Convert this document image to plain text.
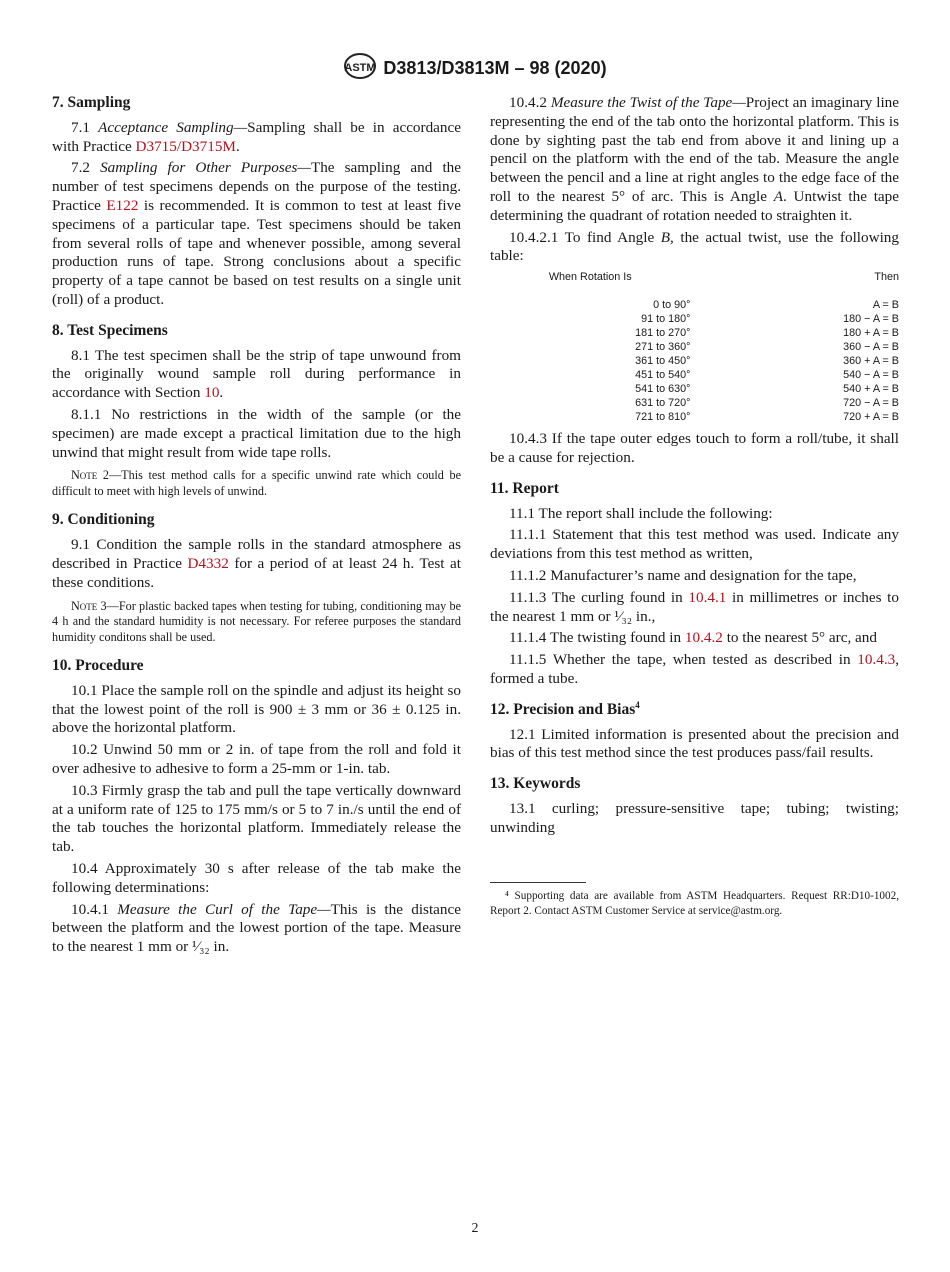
ASTM D3813/D3813M – 98 (2020)
7. Sampling
7.1 Acceptance Sampling—Sampling shall be in accordance with Practice D3715/D3715M.
7.2 Sampling for Other Purposes—The sampling and the number of test specimens depends on the purpose of the testing. Practice E122 is recommended. It is common to test at least five specimens of a particular tape. Test specimens should be taken from several rolls of tape and whenever possible, among several production runs of tape. Strong conclusions about a specific property of a tape cannot be based on test results on a single unit (roll) of a product.
8. Test Specimens
8.1 The test specimen shall be the strip of tape unwound from the originally wound sample roll during performance in accordance with Section 10.
8.1.1 No restrictions in the width of the sample (or the specimen) are made except a practical limitation due to the high unwind that might result from wide tape rolls.
Note 2—This test method calls for a specific unwind rate which could be difficult to meet with high levels of unwind.
9. Conditioning
9.1 Condition the sample rolls in the standard atmosphere as described in Practice D4332 for a period of at least 24 h. Test at these conditions.
Note 3—For plastic backed tapes when testing for tubing, conditioning may be 4 h and the standard humidity is not necessary. For referee purposes the standard humidity conditons shall be used.
10. Procedure
10.1 Place the sample roll on the spindle and adjust its height so that the lowest point of the roll is 900 ± 3 mm or 36 ± 0.125 in. above the horizontal platform.
10.2 Unwind 50 mm or 2 in. of tape from the roll and fold it over adhesive to adhesive to form a 25-mm or 1-in. tab.
10.3 Firmly grasp the tab and pull the tape vertically downward at a uniform rate of 125 to 175 mm/s or 5 to 7 in./s until the end of the tab touches the horizontal platform. Immediately release the tab.
10.4 Approximately 30 s after release of the tab make the following determinations:
10.4.1 Measure the Curl of the Tape—This is the distance between the platform and the lowest portion of the tape. Measure to the nearest 1 mm or ¹⁄₃₂ in.
10.4.2 Measure the Twist of the Tape—Project an imaginary line representing the end of the tab onto the horizontal platform. This is done by sighting past the tab end from above it and lining up a pencil on the platform with the end of the tab. Measure the angle between the pencil and a line at right angles to the edge face of the roll to the nearest 5° of arc. This is Angle A. Untwist the tape determining the quadrant of rotation needed to straighten it.
10.4.2.1 To find Angle B, the actual twist, use the following table:
When Rotation Is	Then
0 to 90°	A = B
91 to 180°	180 − A = B
181 to 270°	180 + A = B
271 to 360°	360 − A = B
361 to 450°	360 + A = B
451 to 540°	540 − A = B
541 to 630°	540 + A = B
631 to 720°	720 − A = B
721 to 810°	720 + A = B
10.4.3 If the tape outer edges touch to form a roll/tube, it shall be a cause for rejection.
11. Report
11.1 The report shall include the following:
11.1.1 Statement that this test method was used. Indicate any deviations from this test method as written,
11.1.2 Manufacturer’s name and designation for the tape,
11.1.3 The curling found in 10.4.1 in millimetres or inches to the nearest 1 mm or ¹⁄₃₂ in.,
11.1.4 The twisting found in 10.4.2 to the nearest 5° arc, and
11.1.5 Whether the tape, when tested as described in 10.4.3, formed a tube.
12. Precision and Bias$^4$
12.1 Limited information is presented about the precision and bias of this test method since the test produces pass/fail results.
13. Keywords
13.1 curling; pressure-sensitive tape; tubing; twisting; unwinding
⁴ Supporting data are available from ASTM Headquarters. Request RR:D10-1002, Report 2. Contact ASTM Customer Service at service@astm.org.
2
